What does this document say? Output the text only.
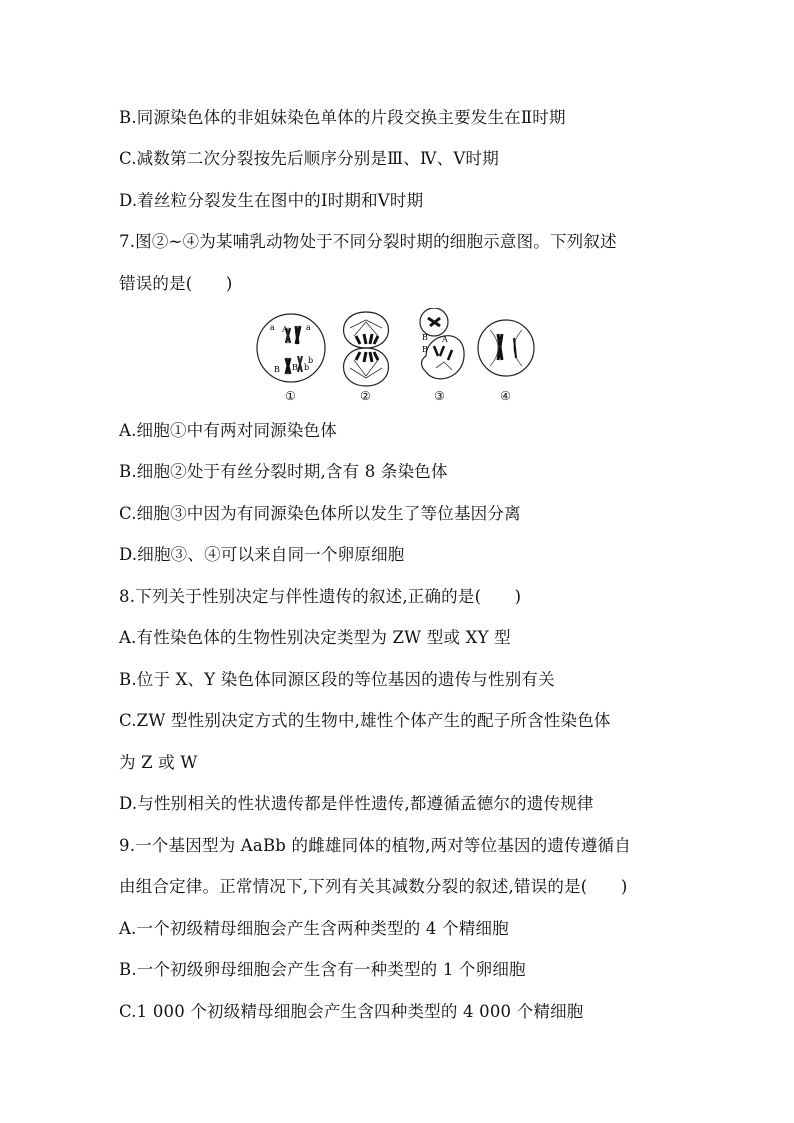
B.同源染色体的非姐妹染色单体的片段交换主要发生在Ⅱ时期
C.减数第二次分裂按先后顺序分别是Ⅲ、Ⅳ、Ⅴ时期
D.着丝粒分裂发生在图中的Ⅰ时期和Ⅴ时期
7.图②~④为某哺乳动物处于不同分裂时期的细胞示意图。下列叙述
错误的是(　　)
a A a
b
B B b
B A
B
①	②	③	④
A.细胞①中有两对同源染色体
B.细胞②处于有丝分裂时期,含有 8 条染色体
C.细胞③中因为有同源染色体所以发生了等位基因分离
D.细胞③、④可以来自同一个卵原细胞
8.下列关于性别决定与伴性遗传的叙述,正确的是(　　)
A.有性染色体的生物性别决定类型为 ZW 型或 XY 型
B.位于 X、Y 染色体同源区段的等位基因的遗传与性别有关
C.ZW 型性别决定方式的生物中,雄性个体产生的配子所含性染色体
为 Z 或 W
D.与性别相关的性状遗传都是伴性遗传,都遵循孟德尔的遗传规律
9.一个基因型为 AaBb 的雌雄同体的植物,两对等位基因的遗传遵循自
由组合定律。正常情况下,下列有关其减数分裂的叙述,错误的是(　　)
A.一个初级精母细胞会产生含两种类型的 4 个精细胞
B.一个初级卵母细胞会产生含有一种类型的 1 个卵细胞
C.1 000 个初级精母细胞会产生含四种类型的 4 000 个精细胞
